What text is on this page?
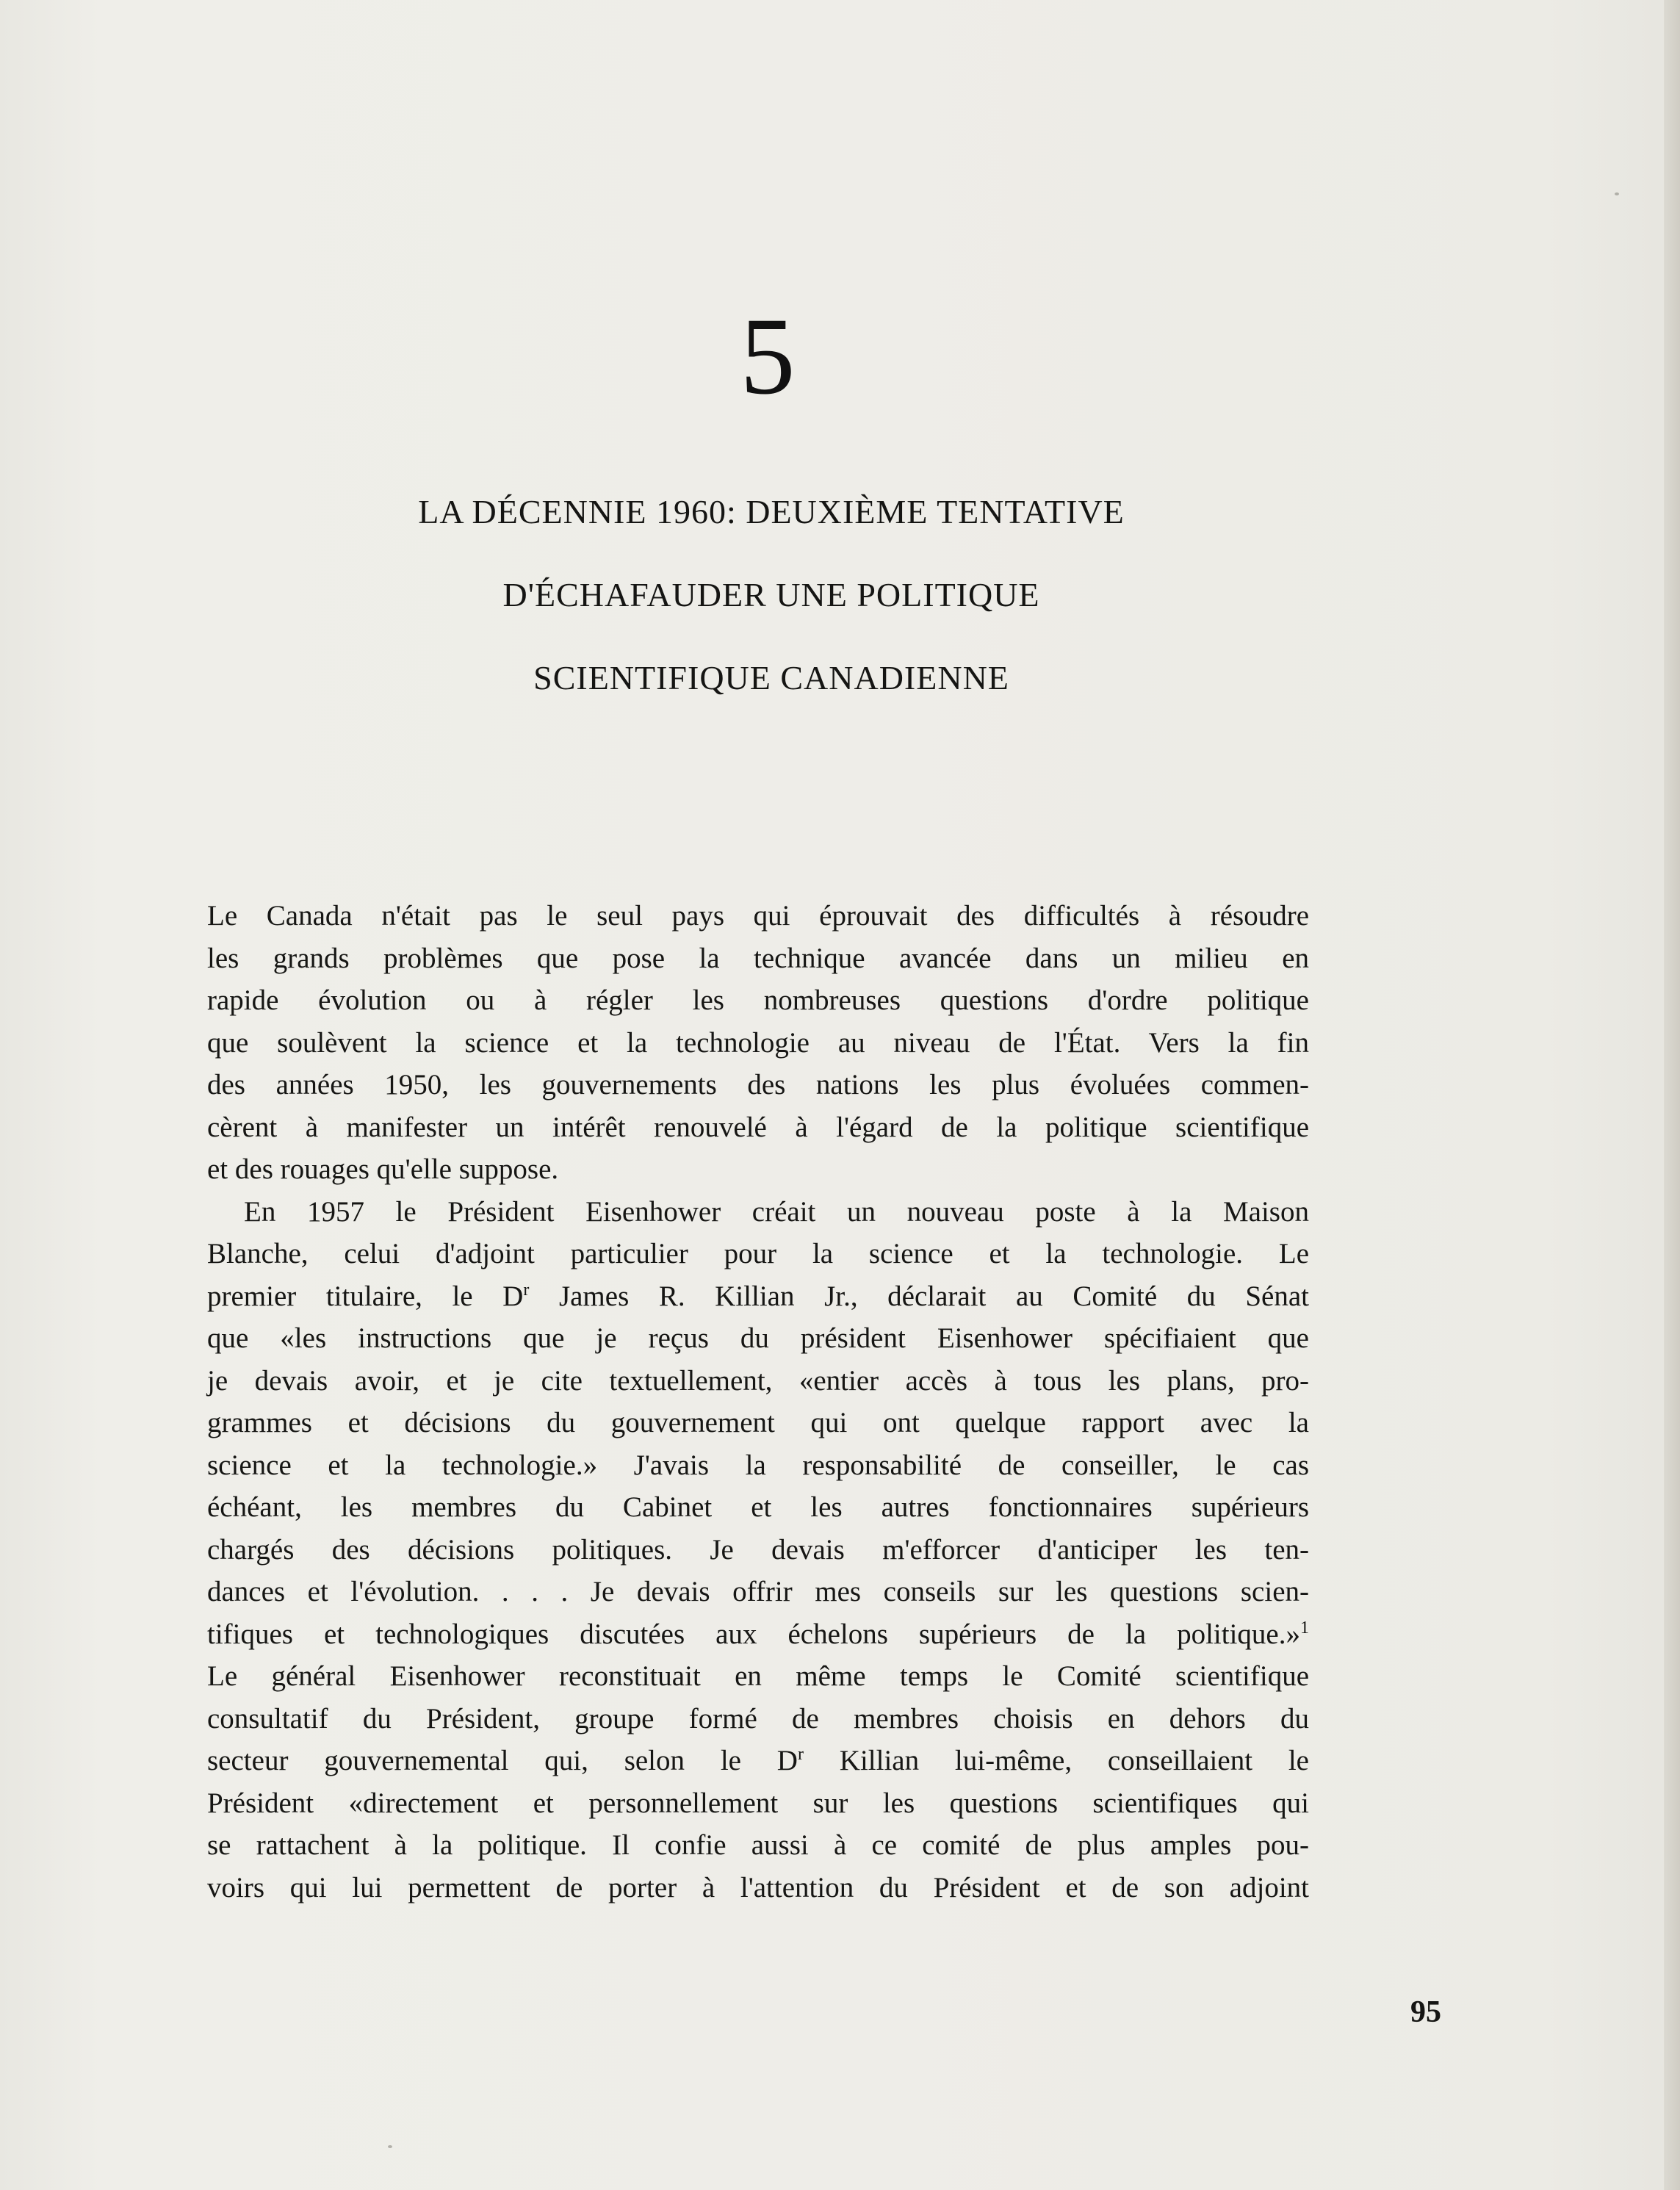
5
LA DÉCENNIE 1960: DEUXIÈME TENTATIVE
D'ÉCHAFAUDER UNE POLITIQUE
SCIENTIFIQUE CANADIENNE

Le Canada n'était pas le seul pays qui éprouvait des difficultés à résoudre
les grands problèmes que pose la technique avancée dans un milieu en
rapide évolution ou à régler les nombreuses questions d'ordre politique
que soulèvent la science et la technologie au niveau de l'État. Vers la fin
des années 1950, les gouvernements des nations les plus évoluées commen-
cèrent à manifester un intérêt renouvelé à l'égard de la politique scientifique
et des rouages qu'elle suppose.

En 1957 le Président Eisenhower créait un nouveau poste à la Maison
Blanche, celui d'adjoint particulier pour la science et la technologie. Le
premier titulaire, le $D^r$ James R. Killian Jr., déclarait au Comité du Sénat
que «les instructions que je reçus du président Eisenhower spécifiaient que
je devais avoir, et je cite textuellement, «entier accès à tous les plans, pro-
grammes et décisions du gouvernement qui ont quelque rapport avec la
science et la technologie.» J'avais la responsabilité de conseiller, le cas
échéant, les membres du Cabinet et les autres fonctionnaires supérieurs
chargés des décisions politiques. Je devais m'efforcer d'anticiper les ten-
dances et l'évolution. . . . Je devais offrir mes conseils sur les questions scien-
tifiques et technologiques discutées aux échelons supérieurs de la politique.»$^1$
Le général Eisenhower reconstituait en même temps le Comité scientifique
consultatif du Président, groupe formé de membres choisis en dehors du
secteur gouvernemental qui, selon le $D^r$ Killian lui-même, conseillaient le
Président «directement et personnellement sur les questions scientifiques qui
se rattachent à la politique. Il confie aussi à ce comité de plus amples pou-
voirs qui lui permettent de porter à l'attention du Président et de son adjoint

95
